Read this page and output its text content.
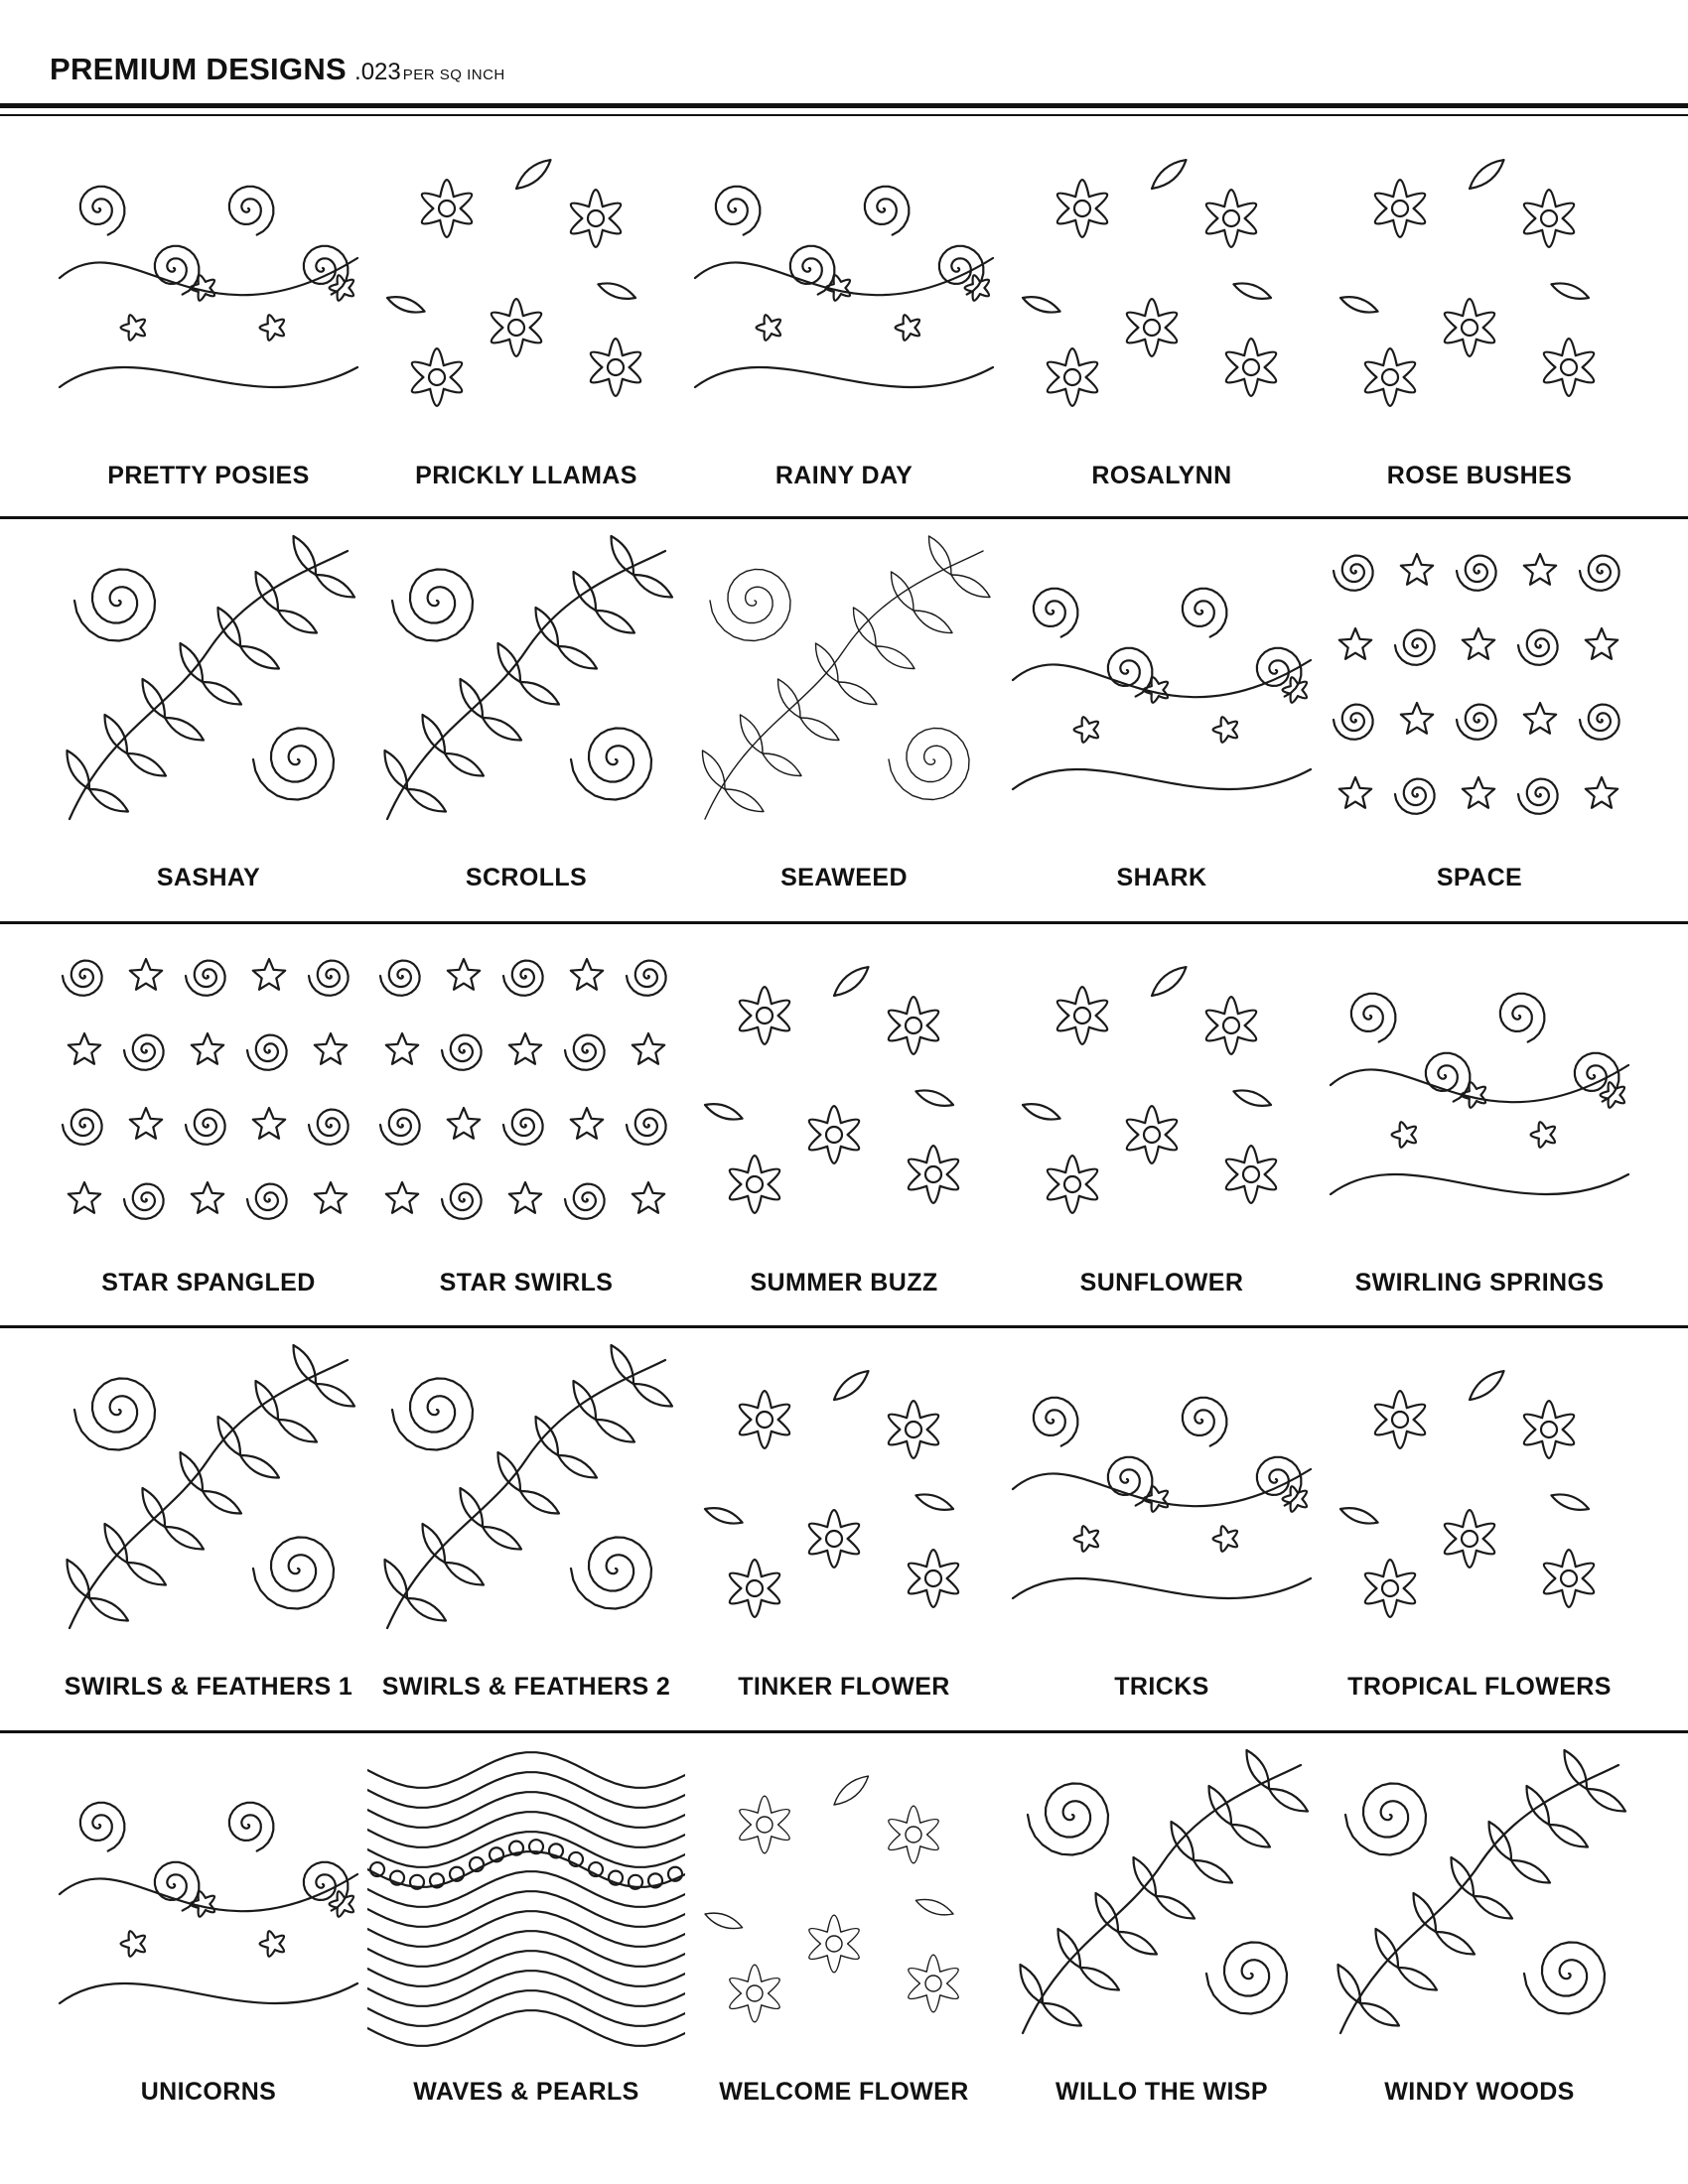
PREMIUM DESIGNS .023 PER SQ INCH
PRETTY POSIES	PRICKLY LLAMAS	RAINY DAY	ROSALYNN	ROSE BUSHES
SASHAY	SCROLLS	SEAWEED	SHARK	SPACE
STAR SPANGLED	STAR SWIRLS	SUMMER BUZZ	SUNFLOWER	SWIRLING SPRINGS
SWIRLS & FEATHERS 1	SWIRLS & FEATHERS 2	TINKER FLOWER	TRICKS	TROPICAL FLOWERS
UNICORNS	WAVES & PEARLS	WELCOME FLOWER	WILLO THE WISP	WINDY WOODS
